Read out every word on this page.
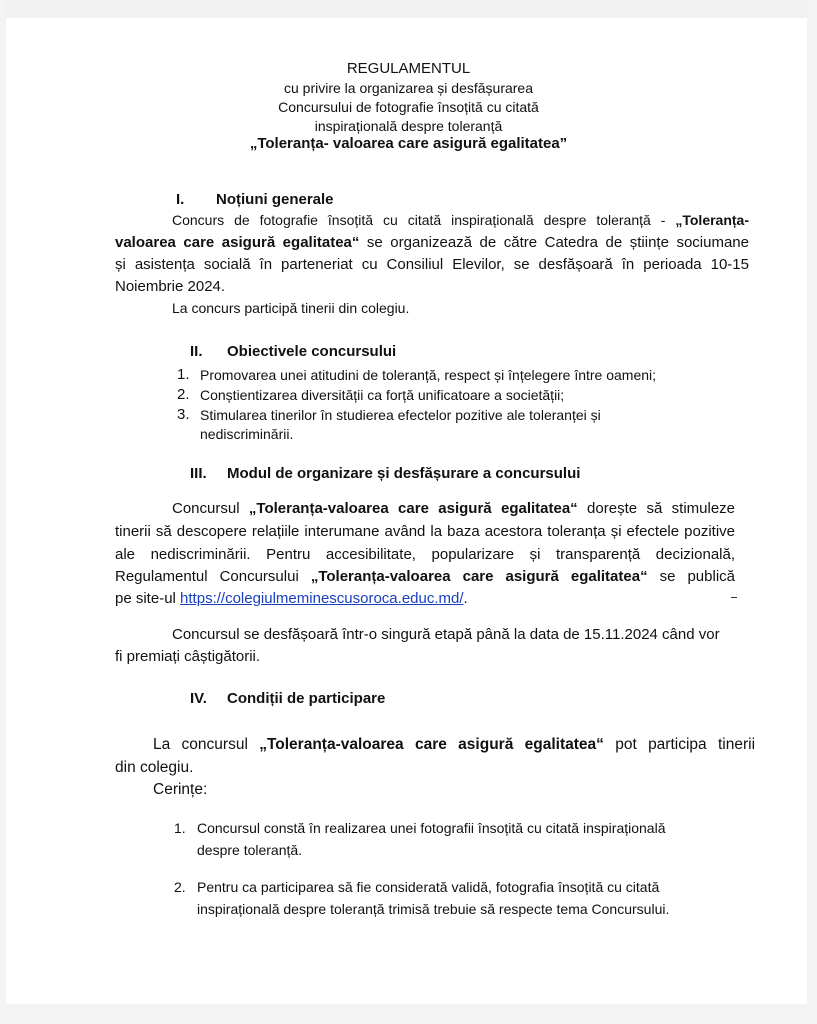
REGULAMENTUL
cu privire la organizarea și desfășurarea
Concursului de fotografie însoțită cu citată
inspirațională despre toleranță
„Toleranța- valoarea care asigură egalitatea”
I. Noțiuni generale
Concurs de fotografie însoțită cu citată inspirațională despre toleranță - „Toleranța-
valoarea care asigură egalitatea“ se organizează de către Catedra de științe sociumane
și asistența socială în parteneriat cu Consiliul Elevilor, se desfășoară în perioada 10-15
Noiembrie 2024.
La concurs participă tinerii din colegiu.
II. Obiectivele concursului
1. Promovarea unei atitudini de toleranță, respect și înțelegere între oameni;
2. Conștientizarea diversității ca forță unificatoare a societății;
3. Stimularea tinerilor în studierea efectelor pozitive ale toleranței și
nediscriminării.
III. Modul de organizare și desfășurare a concursului
Concursul „Toleranța-valoarea care asigură egalitatea“ dorește să stimuleze
tinerii să descopere relațiile interumane având la baza acestora toleranța și efectele pozitive
ale nediscriminării. Pentru accesibilitate, popularizare și transparență decizională,
Regulamentul Concursului „Toleranța-valoarea care asigură egalitatea“ se publică
pe site-ul https://colegiulmeminescusoroca.educ.md/.
Concursul se desfășoară într-o singură etapă până la data de 15.11.2024 când vor
fi premiați câștigătorii.
IV. Condiții de participare
La concursul „Toleranța-valoarea care asigură egalitatea“ pot participa tinerii
din colegiu.
Cerințe:
1. Concursul constă în realizarea unei fotografii însoțită cu citată inspirațională
despre toleranță.
2. Pentru ca participarea să fie considerată validă, fotografia însoțită cu citată
inspirațională despre toleranță trimisă trebuie să respecte tema Concursului.
